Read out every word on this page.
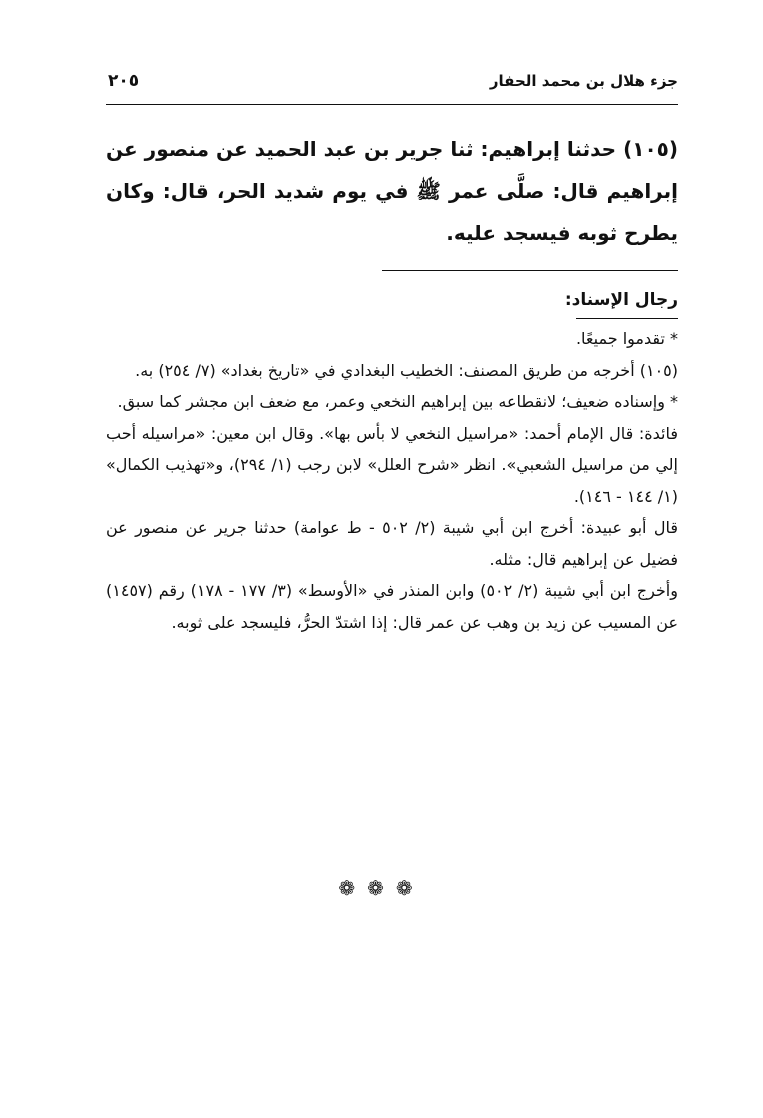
جزء هلال بن محمد الحفار
٢٠٥
(١٠٥) حدثنا إبراهيم: ثنا جرير بن عبد الحميد عن منصور عن إبراهيم قال: صلَّى عمر ﷺ في يوم شديد الحر، قال: وكان يطرح ثوبه فيسجد عليه.
رجال الإسناد:

* تقدموا جميعًا.

(١٠٥) أخرجه من طريق المصنف: الخطيب البغدادي في «تاريخ بغداد» (٧/ ٢٥٤) به.

* وإسناده ضعيف؛ لانقطاعه بين إبراهيم النخعي وعمر، مع ضعف ابن مجشر كما سبق.

فائدة: قال الإمام أحمد: «مراسيل النخعي لا بأس بها». وقال ابن معين: «مراسيله أحب إلي من مراسيل الشعبي». انظر «شرح العلل» لابن رجب (١/ ٢٩٤)، و«تهذيب الكمال» (١/ ١٤٤ - ١٤٦).

قال أبو عبيدة: أخرج ابن أبي شيبة (٢/ ٥٠٢ - ط عوامة) حدثنا جرير عن منصور عن فضيل عن إبراهيم قال: مثله.

وأخرج ابن أبي شيبة (٢/ ٥٠٢) وابن المنذر في «الأوسط» (٣/ ١٧٧ - ١٧٨) رقم (١٤٥٧) عن المسيب عن زيد بن وهب عن عمر قال: إذا اشتدّ الحرُّ، فليسجد على ثوبه.

❁❁❁
